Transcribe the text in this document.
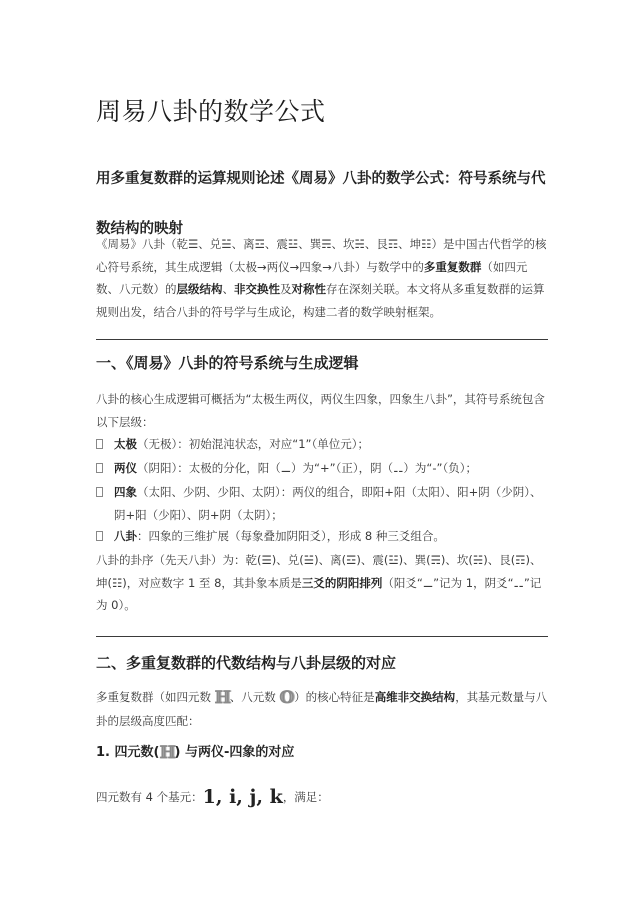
周易八卦的数学公式

用多重复数群的运算规则论述《周易》八卦的数学公式：符号系统与代数结构的映射

《周易》八卦（乾☰、兑☱、离☲、震☳、巽☴、坎☵、艮☶、坤☷）是中国古代哲学的核心符号系统，其生成逻辑（太极→两仪→四象→八卦）与数学中的多重复数群（如四元数、八元数）的层级结构、非交换性及对称性存在深刻关联。本文将从多重复数群的运算规则出发，结合八卦的符号学与生成论，构建二者的数学映射框架。

一、《周易》八卦的符号系统与生成逻辑

八卦的核心生成逻辑可概括为“太极生两仪，两仪生四象，四象生八卦”，其符号系统包含以下层级：

太极（无极）：初始混沌状态，对应“1”（单位元）；
两仪（阴阳）：太极的分化，阳（⚊）为“+”（正），阴（⚋）为“-”（负）；
四象（太阳、少阴、少阳、太阴）：两仪的组合，即阳+阳（太阳）、阳+阴（少阴）、阴+阳（少阳）、阴+阴（太阴）；
八卦：四象的三维扩展（每象叠加阴阳爻），形成 8 种三爻组合。

八卦的卦序（先天八卦）为：乾(☰)、兑(☱)、离(☲)、震(☳)、巽(☴)、坎(☵)、艮(☶)、坤(☷)，对应数字 1 至 8，其卦象本质是三爻的阴阳排列（阳爻“⚊”记为 1，阴爻“⚋”记为 0）。

二、多重复数群的代数结构与八卦层级的对应

多重复数群（如四元数 ℍ、八元数 𝕆）的核心特征是高维非交换结构，其基元数量与八卦的层级高度匹配：

1. 四元数(ℍ) 与两仪-四象的对应

四元数有 4 个基元：1, i, j, k，满足：
